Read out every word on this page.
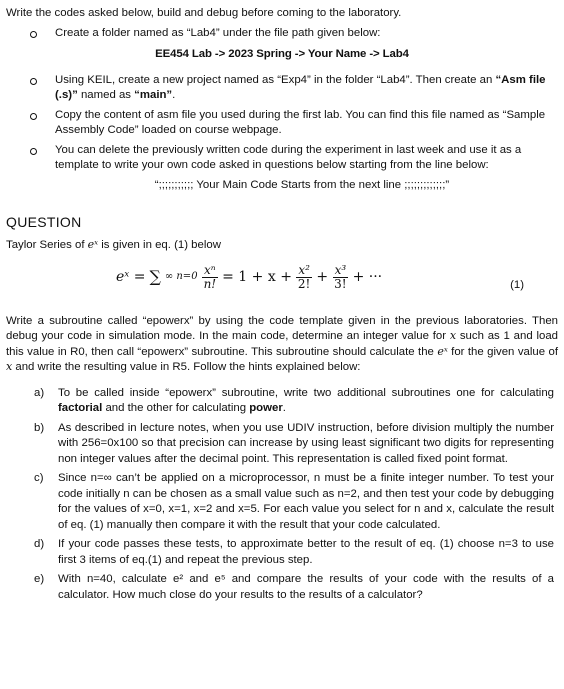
Write the codes asked below, build and debug before coming to the laboratory.

Create a folder named as “Lab4” under the file path given below:

EE454 Lab -> 2023 Spring -> Your Name -> Lab4

Using KEIL, create a new project named as “Exp4” in the folder “Lab4”. Then create an “Asm file (.s)” named as “main”.
Copy the content of asm file you used during the first lab. You can find this file named as “Sample Assembly Code” loaded on course webpage.
You can delete the previously written code during the experiment in last week and use it as a template to write your own code asked in questions below starting from the line below:

“;;;;;;;;;;; Your Main Code Starts from the next line ;;;;;;;;;;;;;”

QUESTION

Taylor Series of eˣ is given in eq. (1) below

eˣ = ∑ ∞ $n=0 \frac{\text{xⁿ}}{n!} = 1 + x + \frac{\text{x²}}{2!} + \frac{\text{x³}}{3!}$ + ···	(1)

Write a subroutine called “epowerx” by using the code template given in the previous laboratories. Then debug your code in simulation mode. In the main code, determine an integer value for x such as 1 and load this value in R0, then call “epowerx” subroutine. This subroutine should calculate the eˣ for the given value of x and write the resulting value in R5. Follow the hints explained below:

a) To be called inside “epowerx” subroutine, write two additional subroutines one for calculating factorial and the other for calculating power.
b) As described in lecture notes, when you use UDIV instruction, before division multiply the number with 256=0x100 so that precision can increase by using least significant two digits for representing non integer values after the decimal point. This representation is called fixed point format.
c) Since n=∞ can’t be applied on a microprocessor, n must be a finite integer number. To test your code initially n can be chosen as a small value such as n=2, and then test your code by debugging for the values of x=0, x=1, x=2 and x=5. For each value you select for n and x, calculate the result of eq. (1) manually then compare it with the result that your code calculated.
d) If your code passes these tests, to approximate better to the result of eq. (1) choose n=3 to use first 3 items of eq.(1) and repeat the previous step.
e) With n=40, calculate e² and e⁵ and compare the results of your code with the results of a calculator. How much close do your results to the results of a calculator?
